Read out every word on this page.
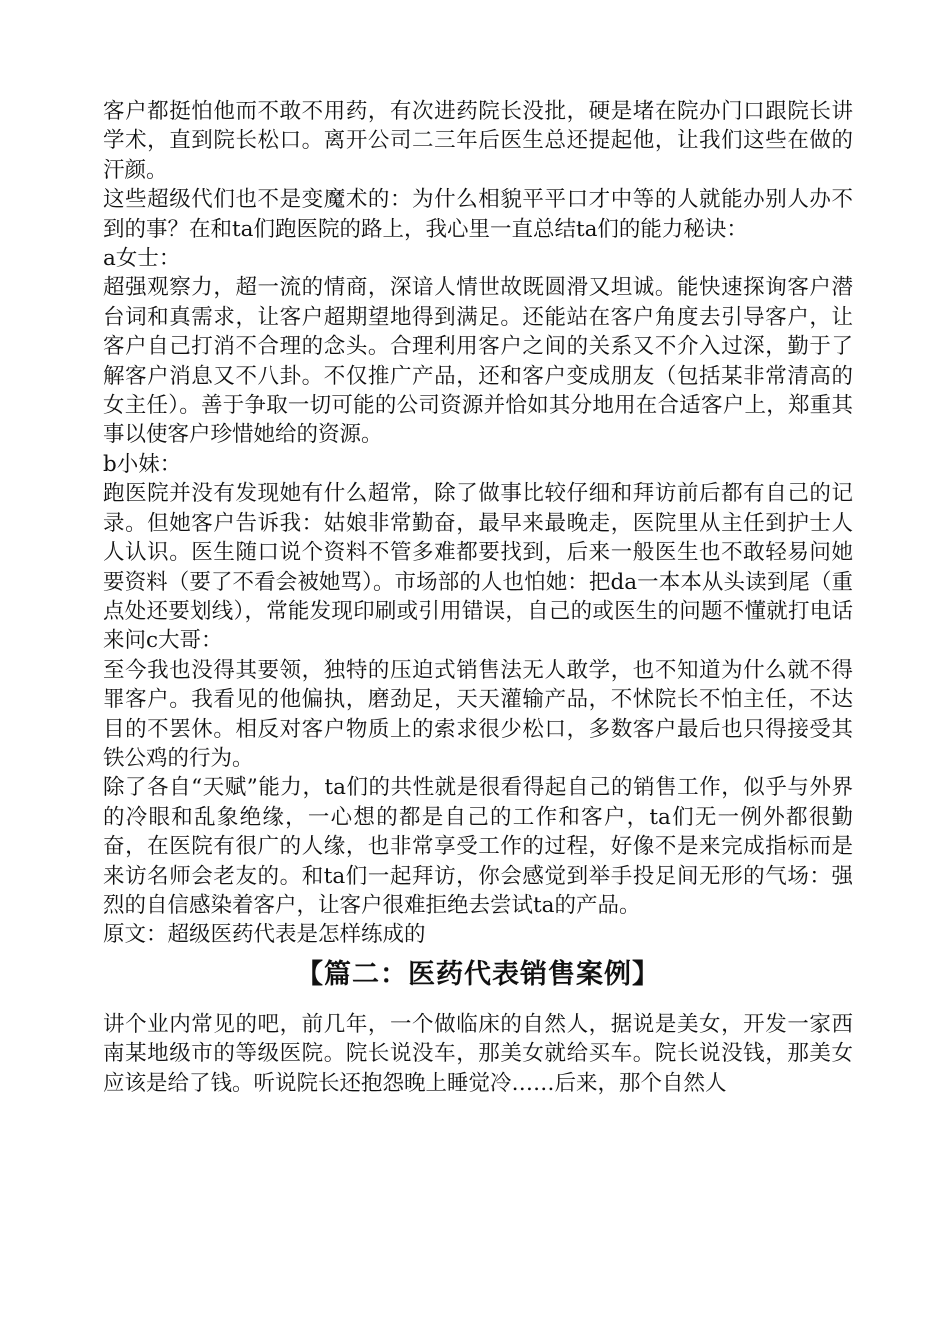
客户都挺怕他而不敢不用药，有次进药院长没批，硬是堵在院办门口跟院长讲学术，直到院长松口。离开公司二三年后医生总还提起他，让我们这些在做的汗颜。

这些超级代们也不是变魔术的：为什么相貌平平口才中等的人就能办别人办不到的事？在和ta们跑医院的路上，我心里一直总结ta们的能力秘诀：

a女士：

超强观察力，超一流的情商，深谙人情世故既圆滑又坦诚。能快速探询客户潜台词和真需求，让客户超期望地得到满足。还能站在客户角度去引导客户，让客户自己打消不合理的念头。合理利用客户之间的关系又不介入过深，勤于了解客户消息又不八卦。不仅推广产品，还和客户变成朋友（包括某非常清高的女主任）。善于争取一切可能的公司资源并恰如其分地用在合适客户上，郑重其事以使客户珍惜她给的资源。

b小妹：

跑医院并没有发现她有什么超常，除了做事比较仔细和拜访前后都有自己的记录。但她客户告诉我：姑娘非常勤奋，最早来最晚走，医院里从主任到护士人人认识。医生随口说个资料不管多难都要找到，后来一般医生也不敢轻易问她要资料（要了不看会被她骂）。市场部的人也怕她：把da一本本从头读到尾（重点处还要划线），常能发现印刷或引用错误，自己的或医生的问题不懂就打电话来问c大哥：

至今我也没得其要领，独特的压迫式销售法无人敢学，也不知道为什么就不得罪客户。我看见的他偏执，磨劲足，天天灌输产品，不怵院长不怕主任，不达目的不罢休。相反对客户物质上的索求很少松口，多数客户最后也只得接受其铁公鸡的行为。

除了各自“天赋”能力，ta们的共性就是很看得起自己的销售工作，似乎与外界的冷眼和乱象绝缘，一心想的都是自己的工作和客户，ta们无一例外都很勤奋，在医院有很广的人缘，也非常享受工作的过程，好像不是来完成指标而是来访名师会老友的。和ta们一起拜访，你会感觉到举手投足间无形的气场：强烈的自信感染着客户，让客户很难拒绝去尝试ta的产品。

原文：超级医药代表是怎样练成的

【篇二：医药代表销售案例】

讲个业内常见的吧，前几年，一个做临床的自然人，据说是美女，开发一家西南某地级市的等级医院。院长说没车，那美女就给买车。院长说没钱，那美女应该是给了钱。听说院长还抱怨晚上睡觉冷……后来，那个自然人
